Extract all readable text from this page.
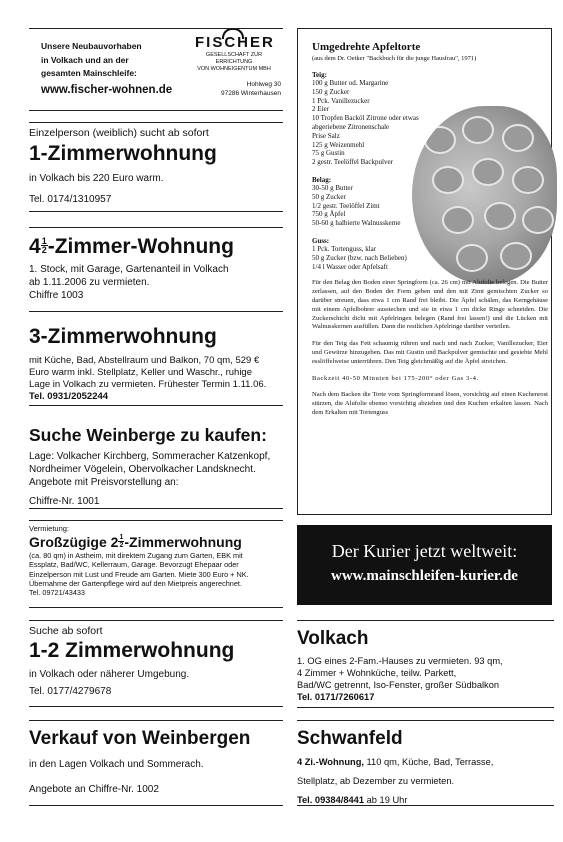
Unsere Neubauvorhaben
in Volkach und an der
gesamten Mainschleife:
www.fischer-wohnen.de
FISCHER
GESELLSCHAFT ZUR ERRICHTUNG
VON WOHNEIGENTUM MBH
Hohlweg 30
97286 Winterhausen
Einzelperson (weiblich) sucht ab sofort
1-Zimmerwohnung
in Volkach bis 220 Euro warm.
Tel. 0174/1310957
$4 \frac{1}{2}$ -Zimmer-Wohnung
1. Stock, mit Garage, Gartenanteil in Volkach
ab 1.11.2006 zu vermieten.
Chiffre 1003
3-Zimmerwohnung
mit Küche, Bad, Abstellraum und Balkon, 70 qm, 529 €
Euro warm inkl. Stellplatz, Keller und Waschr., ruhige
Lage in Volkach zu vermieten. Frühester Termin 1.11.06.
Tel. 0931/2052244
Suche Weinberge zu kaufen:
Lage: Volkacher Kirchberg, Sommeracher Katzenkopf,
Nordheimer Vögelein, Obervolkacher Landsknecht.
Angebote mit Preisvorstellung an:
Chiffre-Nr. 1001
Vermietung:
Großzügige $2 \frac{1}{2}$ -Zimmerwohnung
(ca. 80 qm) in Astheim, mit direktem Zugang zum Garten, EBK mit
Essplatz, Bad/WC, Kellerraum, Garage. Bevorzugt Ehepaar oder
Einzelperson mit Lust und Freude am Garten. Miete 300 Euro + NK.
Übernahme der Gartenpflege wird auf den Mietpreis angerechnet.
Tel. 09721/43433
Suche ab sofort
1-2 Zimmerwohnung
in Volkach oder näherer Umgebung.
Tel. 0177/4279678
Verkauf von Weinbergen
in den Lagen Volkach und Sommerach.
Angebote an Chiffre-Nr. 1002
Umgedrehte Apfeltorte
(aus dem Dr. Oetker "Backbuch für die junge Hausfrau", 1971)
Teig:
100 g Butter od. Margarine
150 g Zucker
1 Pck. Vanillezucker
2 Eier
10 Tropfen Backöl Zitrone oder etwas
abgeriebene Zitronenschale
Prise Salz
125 g Weizenmehl
75 g Gustin
2 gestr. Teelöffel Backpulver
Belag:
30-50 g Butter
50 g Zucker
1/2 gestr. Teelöffel Zimt
750 g Äpfel
50-60 g halbierte Walnusskerne
Guss:
1 Pck. Tortenguss, klar
50 g Zucker (bzw. nach Belieben)
1/4 l Wasser oder Apfelsaft
Für den Belag den Boden einer Springform (ca. 26 cm) mit Alufolie belegen. Die Butter zerlassen, auf den Boden der Form geben und den mit Zimt gemischten Zucker so darüber streuen, dass etwa 1 cm Rand frei bleibt. Die Äpfel schälen, das Kerngehäuse mit einem Apfelbohrer ausstechen und sie in etwa 1 cm dicke Ringe schneiden. Die Zuckerschicht dicht mit Apfelringen belegen (Rand frei lassen!) und die Lücken mit Walnusskernen ausfüllen. Dann die restlichen Apfelringe darüber verteilen.
Für den Teig das Fett schaumig rühren und nach und nach Zucker, Vanillezucker, Eier und Gewürze hinzugeben. Das mit Gustin und Backpulver gemischte und gesiebte Mehl esslöffelweise unterrühren. Den Teig gleichmäßig auf die Äpfel streichen.
Backzeit 40-50 Minuten bei 175-200° oder Gas 3-4.
Nach dem Backen die Torte vom Springformrand lösen, vorsichtig auf einen Kuchenrost stürzen, die Alufolie ebenso vorsichtig abziehen und den Kuchen erkalten lassen. Nach dem Erkalten mit Tortenguss
Der Kurier jetzt weltweit:
www.mainschleifen-kurier.de
Volkach
1. OG eines 2-Fam.-Hauses zu vermieten. 93 qm,
4 Zimmer + Wohnküche, teilw. Parkett,
Bad/WC getrennt, Iso-Fenster, großer Südbalkon
Tel. 0171/7260617
Schwanfeld
4 Zi.-Wohnung, 110 qm, Küche, Bad, Terrasse,
Stellplatz, ab Dezember zu vermieten.
Tel. 09384/8441 ab 19 Uhr
